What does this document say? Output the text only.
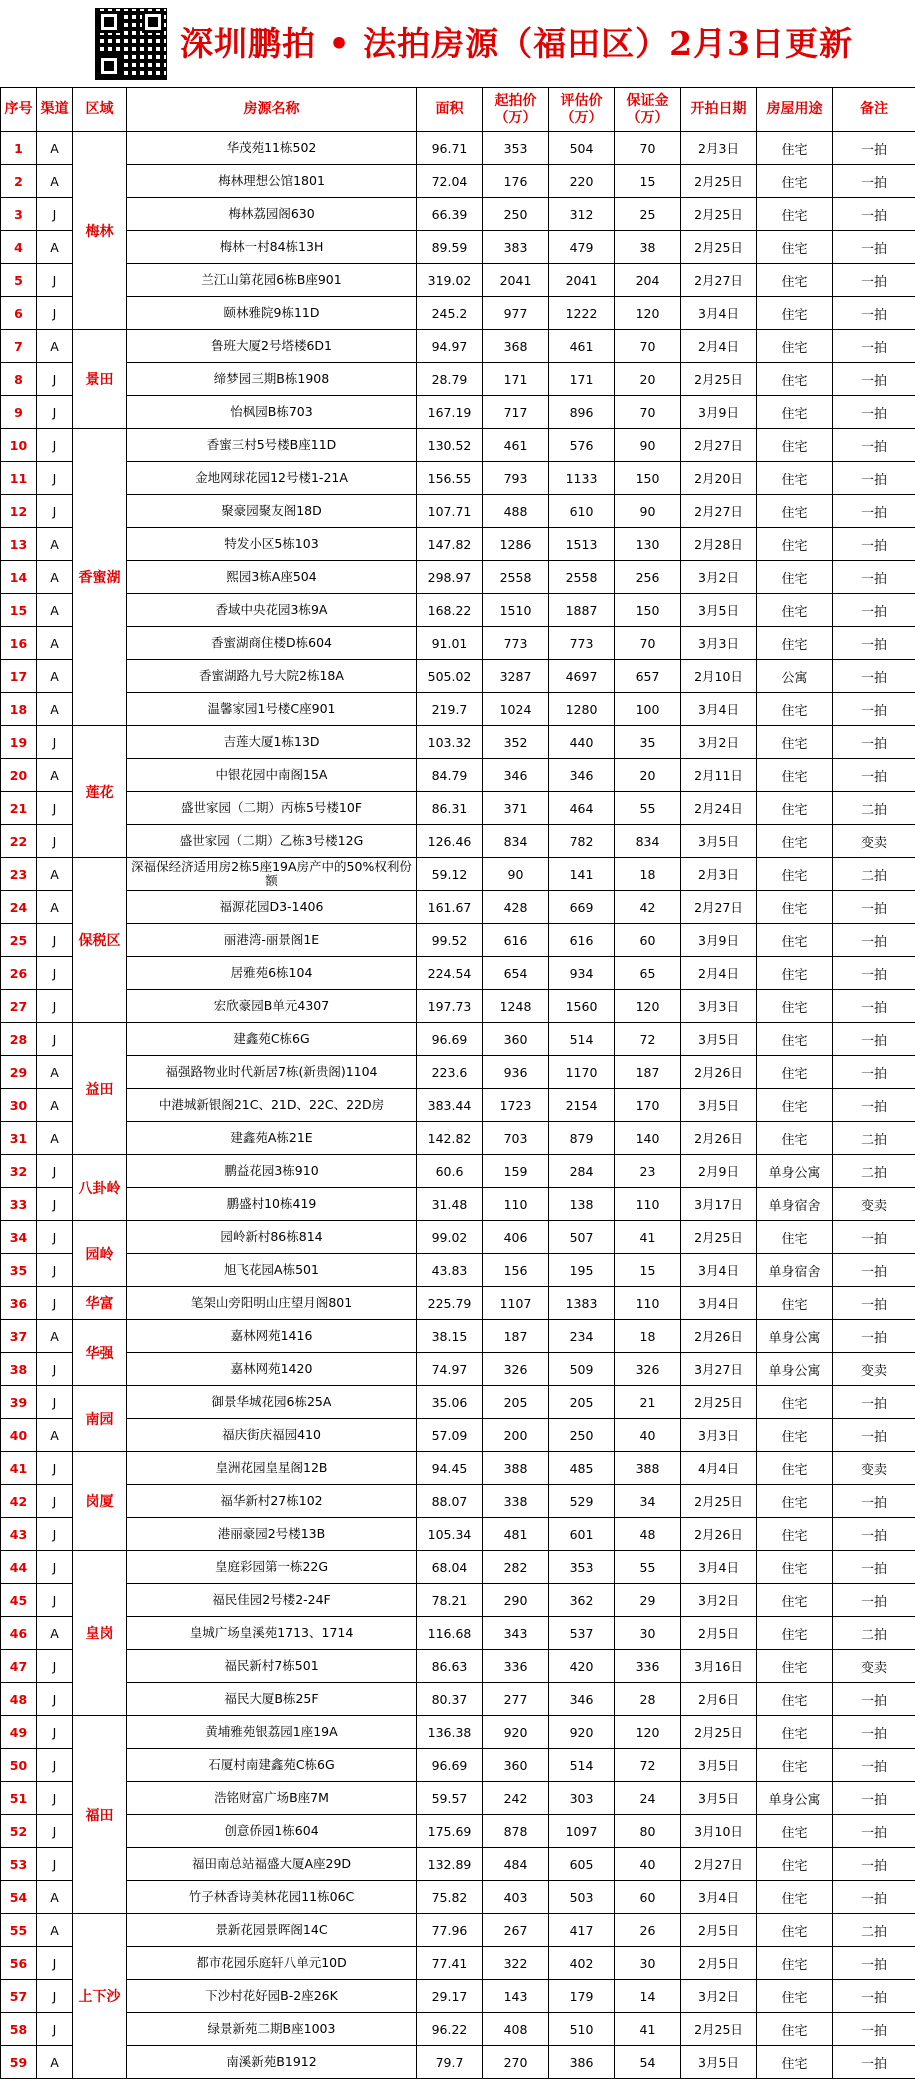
深圳鹏拍 • 法拍房源（福田区）2月3日更新
序号	渠道	区域	房源名称	面积	起拍价（万）	评估价（万）	保证金（万）	开拍日期	房屋用途	备注
1	A	梅林	华茂苑11栋502	96.71	353	504	70	2月3日	住宅	一拍
2	A		梅林理想公馆1801	72.04	176	220	15	2月25日	住宅	一拍
3	J		梅林荔园阁630	66.39	250	312	25	2月25日	住宅	一拍
4	A		梅林一村84栋13H	89.59	383	479	38	2月25日	住宅	一拍
5	J		兰江山第花园6栋B座901	319.02	2041	2041	204	2月27日	住宅	一拍
6	J		颐林雅院9栋11D	245.2	977	1222	120	3月4日	住宅	一拍
7	A	景田	鲁班大厦2号塔楼6D1	94.97	368	461	70	2月4日	住宅	一拍
8	J		缔梦园三期B栋1908	28.79	171	171	20	2月25日	住宅	一拍
9	J		怡枫园B栋703	167.19	717	896	70	3月9日	住宅	一拍
10	J	香蜜湖	香蜜三村5号楼B座11D	130.52	461	576	90	2月27日	住宅	一拍
11	J		金地网球花园12号楼1-21A	156.55	793	1133	150	2月20日	住宅	一拍
12	J		聚豪园聚友阁18D	107.71	488	610	90	2月27日	住宅	一拍
13	A		特发小区5栋103	147.82	1286	1513	130	2月28日	住宅	一拍
14	A		熙园3栋A座504	298.97	2558	2558	256	3月2日	住宅	一拍
15	A		香域中央花园3栋9A	168.22	1510	1887	150	3月5日	住宅	一拍
16	A		香蜜湖商住楼D栋604	91.01	773	773	70	3月3日	住宅	一拍
17	A		香蜜湖路九号大院2栋18A	505.02	3287	4697	657	2月10日	公寓	一拍
18	A		温馨家园1号楼C座901	219.7	1024	1280	100	3月4日	住宅	一拍
19	J	莲花	吉莲大厦1栋13D	103.32	352	440	35	3月2日	住宅	一拍
20	A		中银花园中南阁15A	84.79	346	346	20	2月11日	住宅	一拍
21	J		盛世家园（二期）丙栋5号楼10F	86.31	371	464	55	2月24日	住宅	二拍
22	J		盛世家园（二期）乙栋3号楼12G	126.46	834	782	834	3月5日	住宅	变卖
23	A	保税区	深福保经济适用房2栋5座19A房产中的50%权利份额	59.12	90	141	18	2月3日	住宅	二拍
24	A		福源花园D3-1406	161.67	428	669	42	2月27日	住宅	一拍
25	J		丽港湾-丽景阁1E	99.52	616	616	60	3月9日	住宅	一拍
26	J		居雅苑6栋104	224.54	654	934	65	2月4日	住宅	一拍
27	J		宏欣豪园B单元4307	197.73	1248	1560	120	3月3日	住宅	一拍
28	J	益田	建鑫苑C栋6G	96.69	360	514	72	3月5日	住宅	一拍
29	A		福强路物业时代新居7栋(新贵阁)1104	223.6	936	1170	187	2月26日	住宅	一拍
30	A		中港城新银阁21C、21D、22C、22D房	383.44	1723	2154	170	3月5日	住宅	一拍
31	A		建鑫苑A栋21E	142.82	703	879	140	2月26日	住宅	二拍
32	J	八卦岭	鹏益花园3栋910	60.6	159	284	23	2月9日	单身公寓	二拍
33	J		鹏盛村10栋419	31.48	110	138	110	3月17日	单身宿舍	变卖
34	J	园岭	园岭新村86栋814	99.02	406	507	41	2月25日	住宅	一拍
35	J		旭飞花园A栋501	43.83	156	195	15	3月4日	单身宿舍	一拍
36	J	华富	笔架山旁阳明山庄望月阁801	225.79	1107	1383	110	3月4日	住宅	一拍
37	A	华强	嘉林网苑1416	38.15	187	234	18	2月26日	单身公寓	一拍
38	J		嘉林网苑1420	74.97	326	509	326	3月27日	单身公寓	变卖
39	J	南园	御景华城花园6栋25A	35.06	205	205	21	2月25日	住宅	一拍
40	A		福庆街庆福园410	57.09	200	250	40	3月3日	住宅	一拍
41	J	岗厦	皇洲花园皇星阁12B	94.45	388	485	388	4月4日	住宅	变卖
42	J		福华新村27栋102	88.07	338	529	34	2月25日	住宅	一拍
43	J		港丽豪园2号楼13B	105.34	481	601	48	2月26日	住宅	一拍
44	J	皇岗	皇庭彩园第一栋22G	68.04	282	353	55	3月4日	住宅	一拍
45	J		福民佳园2号楼2-24F	78.21	290	362	29	3月2日	住宅	一拍
46	A		皇城广场皇溪苑1713、1714	116.68	343	537	30	2月5日	住宅	二拍
47	J		福民新村7栋501	86.63	336	420	336	3月16日	住宅	变卖
48	J		福民大厦B栋25F	80.37	277	346	28	2月6日	住宅	一拍
49	J	福田	黄埔雅苑银荔园1座19A	136.38	920	920	120	2月25日	住宅	一拍
50	J		石厦村南建鑫苑C栋6G	96.69	360	514	72	3月5日	住宅	一拍
51	J		浩铭财富广场B座7M	59.57	242	303	24	3月5日	单身公寓	一拍
52	J		创意侨园1栋604	175.69	878	1097	80	3月10日	住宅	一拍
53	J		福田南总站福盛大厦A座29D	132.89	484	605	40	2月27日	住宅	一拍
54	A		竹子林香诗美林花园11栋06C	75.82	403	503	60	3月4日	住宅	一拍
55	A	上下沙	景新花园景晖阁14C	77.96	267	417	26	2月5日	住宅	二拍
56	J		都市花园乐庭轩八单元10D	77.41	322	402	30	2月5日	住宅	一拍
57	J		下沙村花好园B-2座26K	29.17	143	179	14	3月2日	住宅	一拍
58	J		绿景新苑二期B座1003	96.22	408	510	41	2月25日	住宅	一拍
59	A		南溪新苑B1912	79.7	270	386	54	3月5日	住宅	一拍
